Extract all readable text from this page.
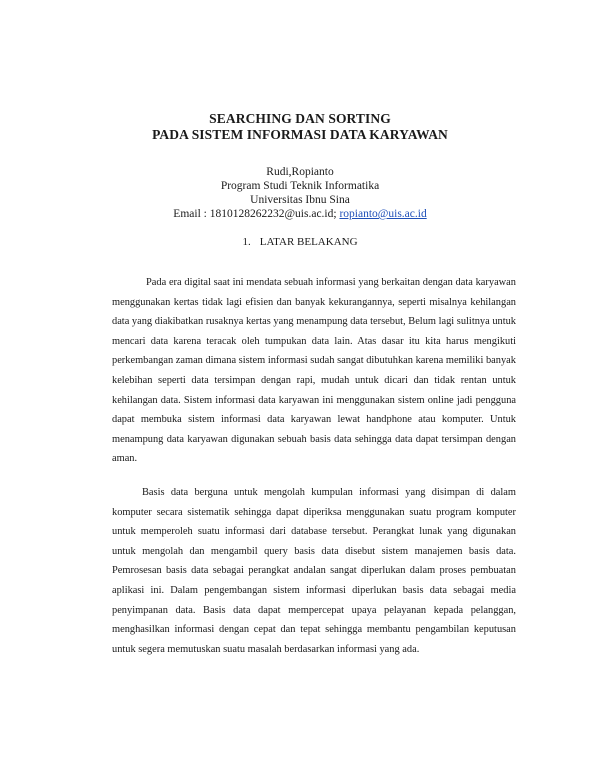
SEARCHING DAN SORTING
PADA SISTEM INFORMASI DATA KARYAWAN
Rudi,Ropianto
Program Studi Teknik Informatika
Universitas Ibnu Sina
Email : 1810128262232@uis.ac.id; ropianto@uis.ac.id
1. LATAR BELAKANG

Pada era digital saat ini mendata sebuah informasi yang berkaitan dengan data karyawan menggunakan kertas tidak lagi efisien dan banyak kekurangannya, seperti misalnya kehilangan data yang diakibatkan rusaknya kertas yang menampung data tersebut, Belum lagi sulitnya untuk mencari data karena teracak oleh tumpukan data lain. Atas dasar itu kita harus mengikuti perkembangan zaman dimana sistem informasi sudah sangat dibutuhkan karena memiliki banyak kelebihan seperti data tersimpan dengan rapi, mudah untuk dicari dan tidak rentan untuk kehilangan data. Sistem informasi data karyawan ini menggunakan sistem online jadi pengguna dapat membuka sistem informasi data karyawan lewat handphone atau komputer. Untuk menampung data karyawan digunakan sebuah basis data sehingga data dapat tersimpan dengan aman.

Basis data berguna untuk mengolah kumpulan informasi yang disimpan di dalam komputer secara sistematik sehingga dapat diperiksa menggunakan suatu program komputer untuk memperoleh suatu informasi dari database tersebut. Perangkat lunak yang digunakan untuk mengolah dan mengambil query basis data disebut sistem manajemen basis data. Pemrosesan basis data sebagai perangkat andalan sangat diperlukan dalam proses pembuatan aplikasi ini. Dalam pengembangan sistem informasi diperlukan basis data sebagai media penyimpanan data. Basis data dapat mempercepat upaya pelayanan kepada pelanggan, menghasilkan informasi dengan cepat dan tepat sehingga membantu pengambilan keputusan untuk segera memutuskan suatu masalah berdasarkan informasi yang ada.
